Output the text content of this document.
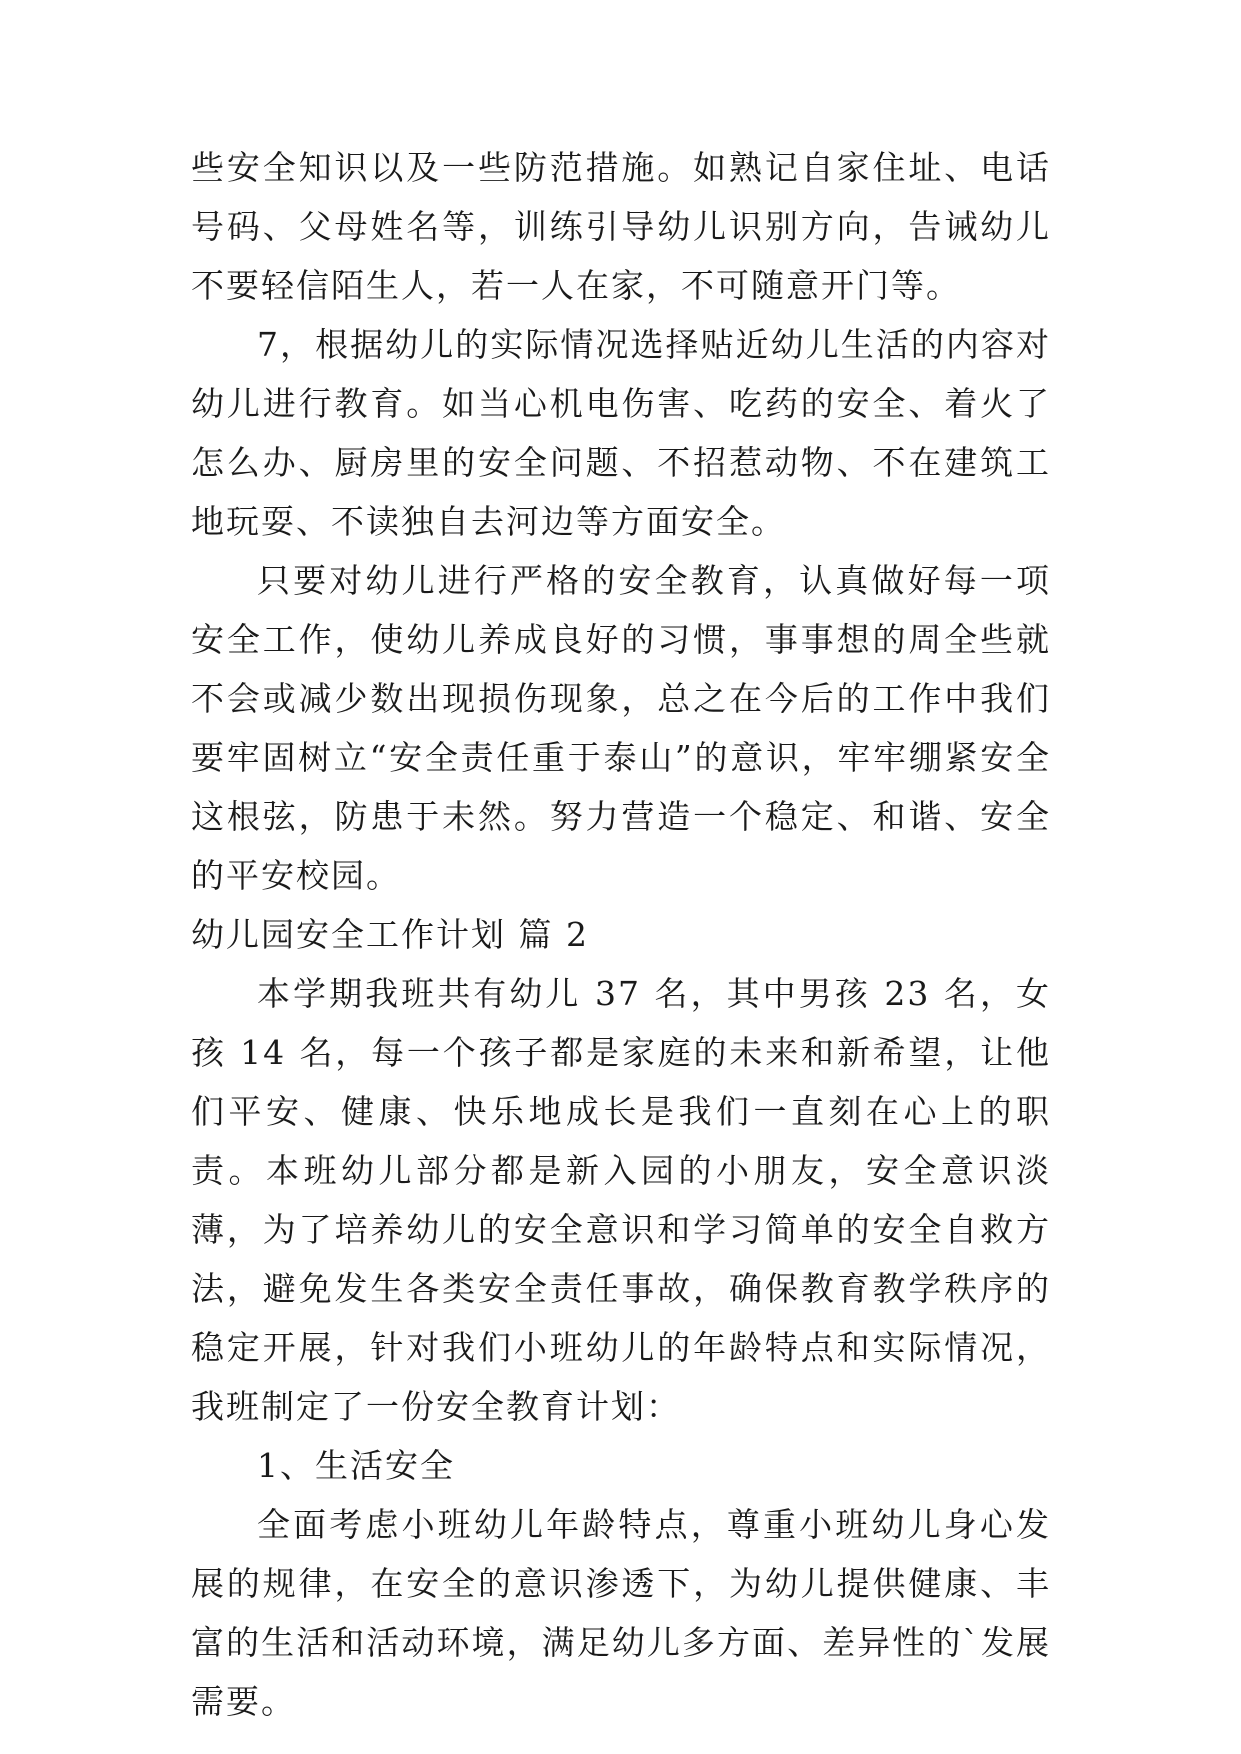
些安全知识以及一些防范措施。如熟记自家住址、电话号码、父母姓名等，训练引导幼儿识别方向，告诫幼儿不要轻信陌生人，若一人在家，不可随意开门等。

7，根据幼儿的实际情况选择贴近幼儿生活的内容对幼儿进行教育。如当心机电伤害、吃药的安全、着火了怎么办、厨房里的安全问题、不招惹动物、不在建筑工地玩耍、不读独自去河边等方面安全。

只要对幼儿进行严格的安全教育，认真做好每一项安全工作，使幼儿养成良好的习惯，事事想的周全些就不会或减少数出现损伤现象，总之在今后的工作中我们要牢固树立“安全责任重于泰山”的意识，牢牢绷紧安全这根弦，防患于未然。努力营造一个稳定、和谐、安全的平安校园。

幼儿园安全工作计划 篇 2

本学期我班共有幼儿 37 名，其中男孩 23 名，女孩 14 名，每一个孩子都是家庭的未来和新希望，让他们平安、健康、快乐地成长是我们一直刻在心上的职责。本班幼儿部分都是新入园的小朋友，安全意识淡薄，为了培养幼儿的安全意识和学习简单的安全自救方法，避免发生各类安全责任事故，确保教育教学秩序的稳定开展，针对我们小班幼儿的年龄特点和实际情况，我班制定了一份安全教育计划：

1、生活安全

全面考虑小班幼儿年龄特点，尊重小班幼儿身心发展的规律，在安全的意识渗透下，为幼儿提供健康、丰富的生活和活动环境，满足幼儿多方面、差异性的`发展需要。
